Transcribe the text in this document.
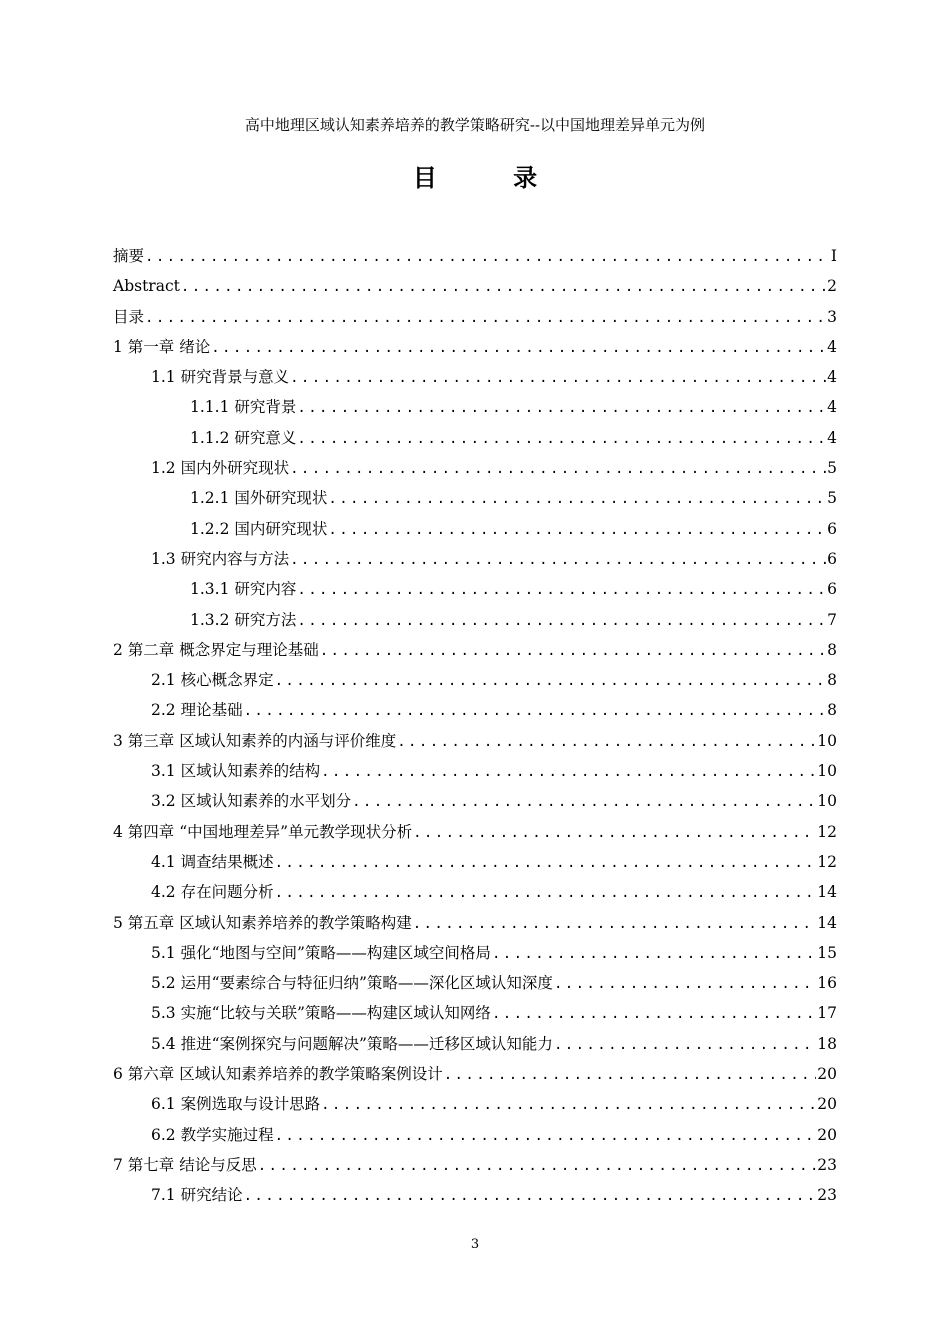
高中地理区域认知素养培养的教学策略研究--以中国地理差异单元为例
目 录
摘要 .....	I
Abstract .....	2
目录 .....	3
1 第一章 绪论 .....	4
1.1 研究背景与意义 .....	4
1.1.1 研究背景 .....	4
1.1.2 研究意义 .....	4
1.2 国内外研究现状 .....	5
1.2.1 国外研究现状 .....	5
1.2.2 国内研究现状 .....	6
1.3 研究内容与方法 .....	6
1.3.1 研究内容 .....	6
1.3.2 研究方法 .....	7
2 第二章 概念界定与理论基础 .....	8
2.1 核心概念界定 .....	8
2.2 理论基础 .....	8
3 第三章 区域认知素养的内涵与评价维度 .....	10
3.1 区域认知素养的结构 .....	10
3.2 区域认知素养的水平划分 .....	10
4 第四章 “中国地理差异”单元教学现状分析 .....	12
4.1 调查结果概述 .....	12
4.2 存在问题分析 .....	14
5 第五章 区域认知素养培养的教学策略构建 .....	14
5.1 强化“地图与空间”策略——构建区域空间格局 .....	15
5.2 运用“要素综合与特征归纳”策略——深化区域认知深度 .....	16
5.3 实施“比较与关联”策略——构建区域认知网络 .....	17
5.4 推进“案例探究与问题解决”策略——迁移区域认知能力 .....	18
6 第六章 区域认知素养培养的教学策略案例设计 .....	20
6.1 案例选取与设计思路 .....	20
6.2 教学实施过程 .....	20
7 第七章 结论与反思 .....	23
7.1 研究结论 .....	23
3
